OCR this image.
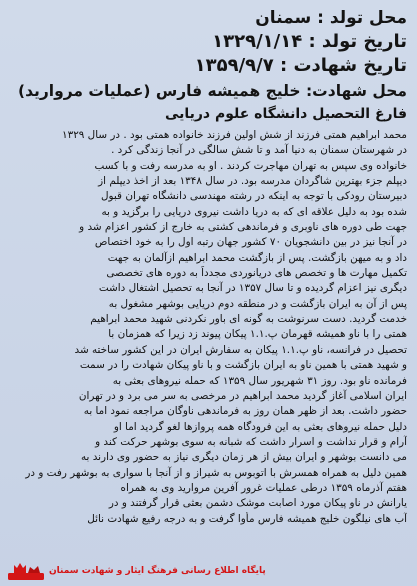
محل تولد : سمنان
تاریخ تولد : ۱۳۲۹/۱/۱۴
تاریخ شهادت : ۱۳۵۹/۹/۷
محل شهادت: خلیج همیشه فارس (عملیات مروارید)
فارغ التحصیل دانشگاه علوم دریایی
محمد ابراهیم همتی فرزند از شش اولین فرزند خانواده همتی بود . در سال ۱۳۲۹
در شهرستان سمنان به دنیا آمد و تا شش سالگی در آنجا زندگی کرد .
خانواده وی سپس به تهران مهاجرت کردند . او به مدرسه رفت و با کسب
دیپلم جزء بهترین شاگردان مدرسه بود. در سال ۱۳۴۸ بعد از اخذ دیپلم از
دبیرستان رودکی با توجه به اینکه در رشته مهندسی دانشگاه تهران قبول
شده بود به دلیل علاقه ای که به دریا داشت نیروی دریایی را برگزید و به
جهت طی دوره های ناوبری و فرماندهی کشتی به خارج از کشور اعزام شد و
در آنجا نیز در بین دانشجویان ۷۰ کشور جهان رتبه اول را به خود اختصاص
داد و به میهن بازگشت. پس از بازگشت محمد ابراهیم ازآلمان به جهت
تکمیل مهارت ها و تخصص های دریانوردی مجدداً به دوره های تخصصی
دیگری نیز اعزام گردیده و تا سال ۱۳۵۷ در آنجا به تحصیل اشتغال داشت
پس از آن به ایران بازگشت و در منطقه دوم دریایی بوشهر مشغول به
خدمت گردید. دست سرنوشت به گونه ای باور نکردنی شهید محمد ابراهیم
همتی را با ناو همیشه قهرمان پ.۱.۱ پیکان پیوند زد زیرا که همزمان با
تحصیل در فرانسه، ناو پ.۱.۱ پیکان به سفارش ایران در این کشور ساخته شد
و شهید همتی با همین ناو به ایران بازگشت و با ناو پیکان شهادت را در سمت
فرمانده ناو بود. روز ۳۱ شهریور سال ۱۳۵۹ که حمله نیروهای بعثی به
ایران اسلامی آغاز گردید محمد ابراهیم در مرخصی به سر می برد و در تهران
حضور داشت. بعد از ظهر همان روز به فرماندهی ناوگان مراجعه نمود اما به
دلیل حمله نیروهای بعثی به این فرودگاه همه پروازها لغو گردید اما او
آرام و قرار نداشت و اسرار داشت که شبانه به سوی بوشهر حرکت کند و
می دانست بوشهر و ایران بیش از هر زمان دیگری نیاز به حضور وی دارند به
همین دلیل به همراه همسرش با اتوبوس به شیراز و از آنجا با سواری به بوشهر رفت و در
هفتم آذرماه ۱۳۵۹ درطی عملیات غرور آفرین مروارید وی به همراه
یارانش در ناو پیکان مورد اصابت موشک دشمن بعثی قرار گرفتند و در
آب های نیلگون خلیج همیشه فارس مأوا گرفت و به درجه رفیع شهادت نائل
پایگاه اطلاع رسانی فرهنگ ایثار و شهادت سمنان
